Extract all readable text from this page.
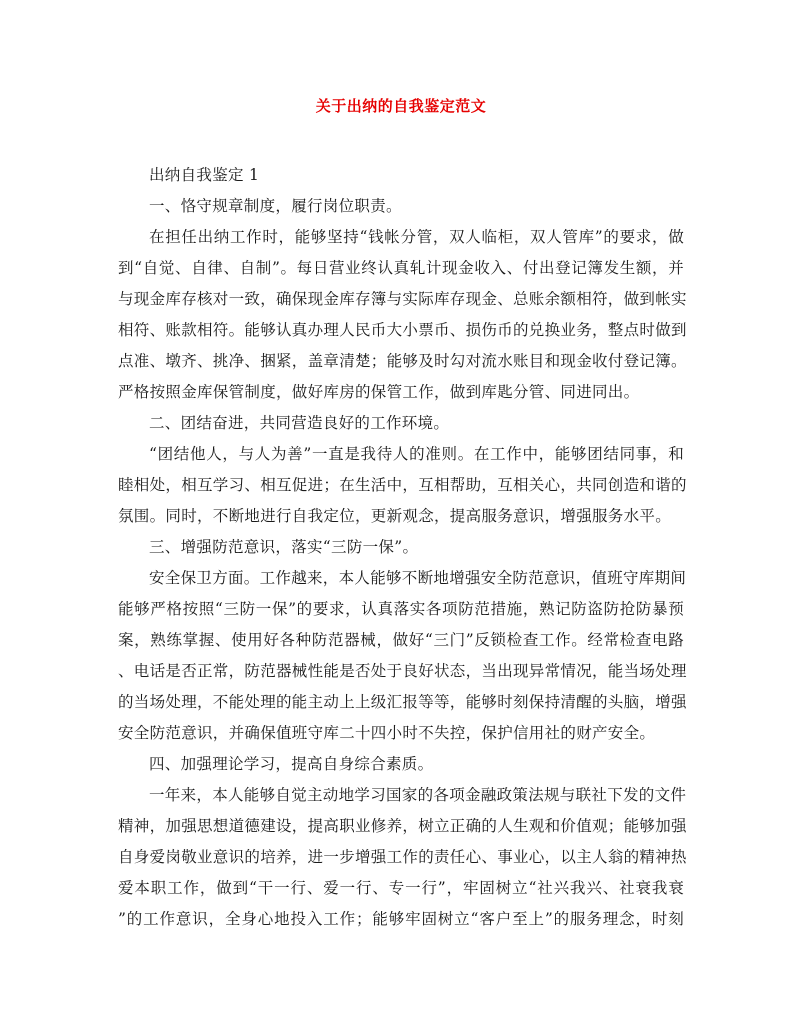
关于出纳的自我鉴定范文

出纳自我鉴定 1

一、恪守规章制度，履行岗位职责。

在担任出纳工作时，能够坚持“钱帐分管，双人临柜，双人管库”的要求，做

到“自觉、自律、自制”。每日营业终认真轧计现金收入、付出登记簿发生额，并

与现金库存核对一致，确保现金库存簿与实际库存现金、总账余额相符，做到帐实

相符、账款相符。能够认真办理人民币大小票币、损伤币的兑换业务，整点时做到

点准、墩齐、挑净、捆紧，盖章清楚；能够及时勾对流水账目和现金收付登记簿。

严格按照金库保管制度，做好库房的保管工作，做到库匙分管、同进同出。

二、团结奋进，共同营造良好的工作环境。

“团结他人，与人为善”一直是我待人的准则。在工作中，能够团结同事，和

睦相处，相互学习、相互促进；在生活中，互相帮助，互相关心，共同创造和谐的

氛围。同时，不断地进行自我定位，更新观念，提高服务意识，增强服务水平。

三、增强防范意识，落实“三防一保”。

安全保卫方面。工作越来，本人能够不断地增强安全防范意识，值班守库期间

能够严格按照“三防一保”的要求，认真落实各项防范措施，熟记防盗防抢防暴预

案，熟练掌握、使用好各种防范器械，做好“三门”反锁检查工作。经常检查电路

、电话是否正常，防范器械性能是否处于良好状态，当出现异常情况，能当场处理

的当场处理，不能处理的能主动上上级汇报等等，能够时刻保持清醒的头脑，增强

安全防范意识，并确保值班守库二十四小时不失控，保护信用社的财产安全。

四、加强理论学习，提高自身综合素质。

一年来，本人能够自觉主动地学习国家的各项金融政策法规与联社下发的文件

精神，加强思想道德建设，提高职业修养，树立正确的人生观和价值观；能够加强

自身爱岗敬业意识的培养，进一步增强工作的责任心、事业心，以主人翁的精神热

爱本职工作，做到“干一行、爱一行、专一行”，牢固树立“社兴我兴、社衰我衰

”的工作意识，全身心地投入工作；能够牢固树立“客户至上”的服务理念，时刻
